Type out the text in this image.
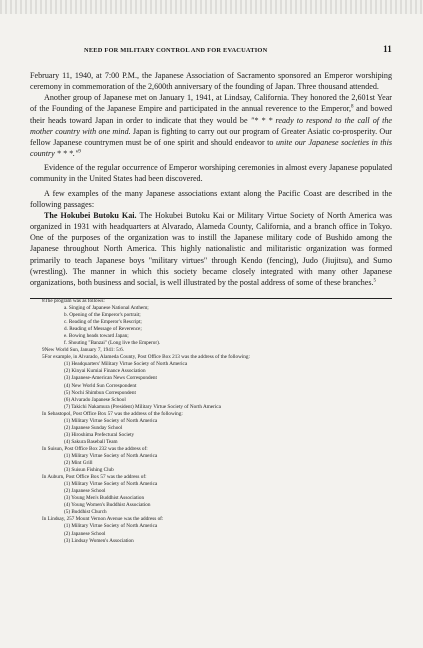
NEED FOR MILITARY CONTROL AND FOR EVACUATION	11

February 11, 1940, at 7:00 P.M., the Japanese Association of Sacramento sponsored an Emperor worshiping ceremony in commemoration of the 2,600th anniversary of the founding of Japan. Three thousand attended.

Another group of Japanese met on January 1, 1941, at Lindsay, California. They honored the 2,601st Year of the Founding of the Japanese Empire and participated in the annual reverence to the Emperor,$^8$ and bowed their heads toward Japan in order to indicate that they would be "* * * ready to respond to the call of the mother country with one mind. Japan is fighting to carry out our program of Greater Asiatic co-prosperity. Our fellow Japanese countrymen must be of one spirit and should endeavor to unite our Japanese societies in this country * * *."$^9$

Evidence of the regular occurrence of Emperor worshiping ceremonies in almost every Japanese populated community in the United States had been discovered.

A few examples of the many Japanese associations extant along the Pacific Coast are described in the following passages:

The Hokubei Butoku Kai. The Hokubei Butoku Kai or Military Virtue Society of North America was organized in 1931 with headquarters at Alvarado, Alameda County, California, and a branch office in Tokyo. One of the purposes of the organization was to instill the Japanese military code of Bushido among the Japanese throughout North America. This highly nationalistic and militaristic organization was formed primarily to teach Japanese boys "military virtues" through Kendo (fencing), Judo (Jiujitsu), and Sumo (wrestling). The manner in which this society became closely integrated with many other Japanese organizations, both business and social, is well illustrated by the postal address of some of these branches.$^5$

8The program was as follows:
a. Singing of Japanese National Anthem;
b. Opening of the Emperor's portrait;
c. Reading of the Emperor's Rescript;
d. Reading of Message of Reverence;
e. Bowing heads toward Japan;
f. Shouting "Banzai" (Long live the Emperor).
9New World Sun, January 7, 1941: 5:6.
5For example, in Alvarado, Alameda County, Post Office Box 213 was the address of the following:
(1) Headquarters' Military Virtue Society of North America
(2) Kinyai Kumiai Finance Association
(3) Japanese-American News Correspondent
(4) New World Sun Correspondent
(5) Nochi Shimbun Correspondent
(6) Alvarado Japanese School
(7) Takichi Nakamura (President) Military Virtue Society of North America
In Sebastopol, Post Office Box 57 was the address of the following:
(1) Military Virtue Society of North America
(2) Japanese Sunday School
(3) Hiroshima Prefectural Society
(4) Sakura Baseball Team
In Suisun, Post Office Box 232 was the address of:
(1) Military Virtue Society of North America
(2) Mint Grill
(3) Suisun Fishing Club
In Auburn, Post Office Box 57 was the address of:
(1) Military Virtue Society of North America
(2) Japanese School
(3) Young Men's Buddhist Association
(4) Young Women's Buddhist Association
(5) Buddhist Church
In Lindsay, 257 Mount Vernon Avenue was the address of:
(1) Military Virtue Society of North America
(2) Japanese School
(3) Lindsay Women's Association
